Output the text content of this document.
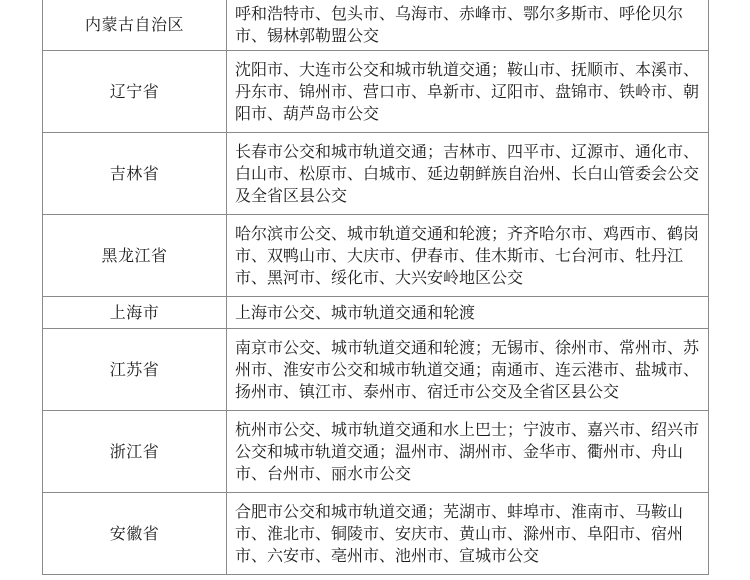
内蒙古自治区	呼和浩特市、包头市、乌海市、赤峰市、鄂尔多斯市、呼伦贝尔市、锡林郭勒盟公交

辽宁省	沈阳市、大连市公交和城市轨道交通；鞍山市、抚顺市、本溪市、丹东市、锦州市、营口市、阜新市、辽阳市、盘锦市、铁岭市、朝阳市、葫芦岛市公交

吉林省	长春市公交和城市轨道交通；吉林市、四平市、辽源市、通化市、白山市、松原市、白城市、延边朝鲜族自治州、长白山管委会公交及全省区县公交

黑龙江省	哈尔滨市公交、城市轨道交通和轮渡；齐齐哈尔市、鸡西市、鹤岗市、双鸭山市、大庆市、伊春市、佳木斯市、七台河市、牡丹江市、黑河市、绥化市、大兴安岭地区公交

上海市	上海市公交、城市轨道交通和轮渡

江苏省	南京市公交、城市轨道交通和轮渡；无锡市、徐州市、常州市、苏州市、淮安市公交和城市轨道交通；南通市、连云港市、盐城市、扬州市、镇江市、泰州市、宿迁市公交及全省区县公交

浙江省	杭州市公交、城市轨道交通和水上巴士；宁波市、嘉兴市、绍兴市公交和城市轨道交通；温州市、湖州市、金华市、衢州市、舟山市、台州市、丽水市公交

安徽省	合肥市公交和城市轨道交通；芜湖市、蚌埠市、淮南市、马鞍山市、淮北市、铜陵市、安庆市、黄山市、滁州市、阜阳市、宿州市、六安市、亳州市、池州市、宣城市公交
